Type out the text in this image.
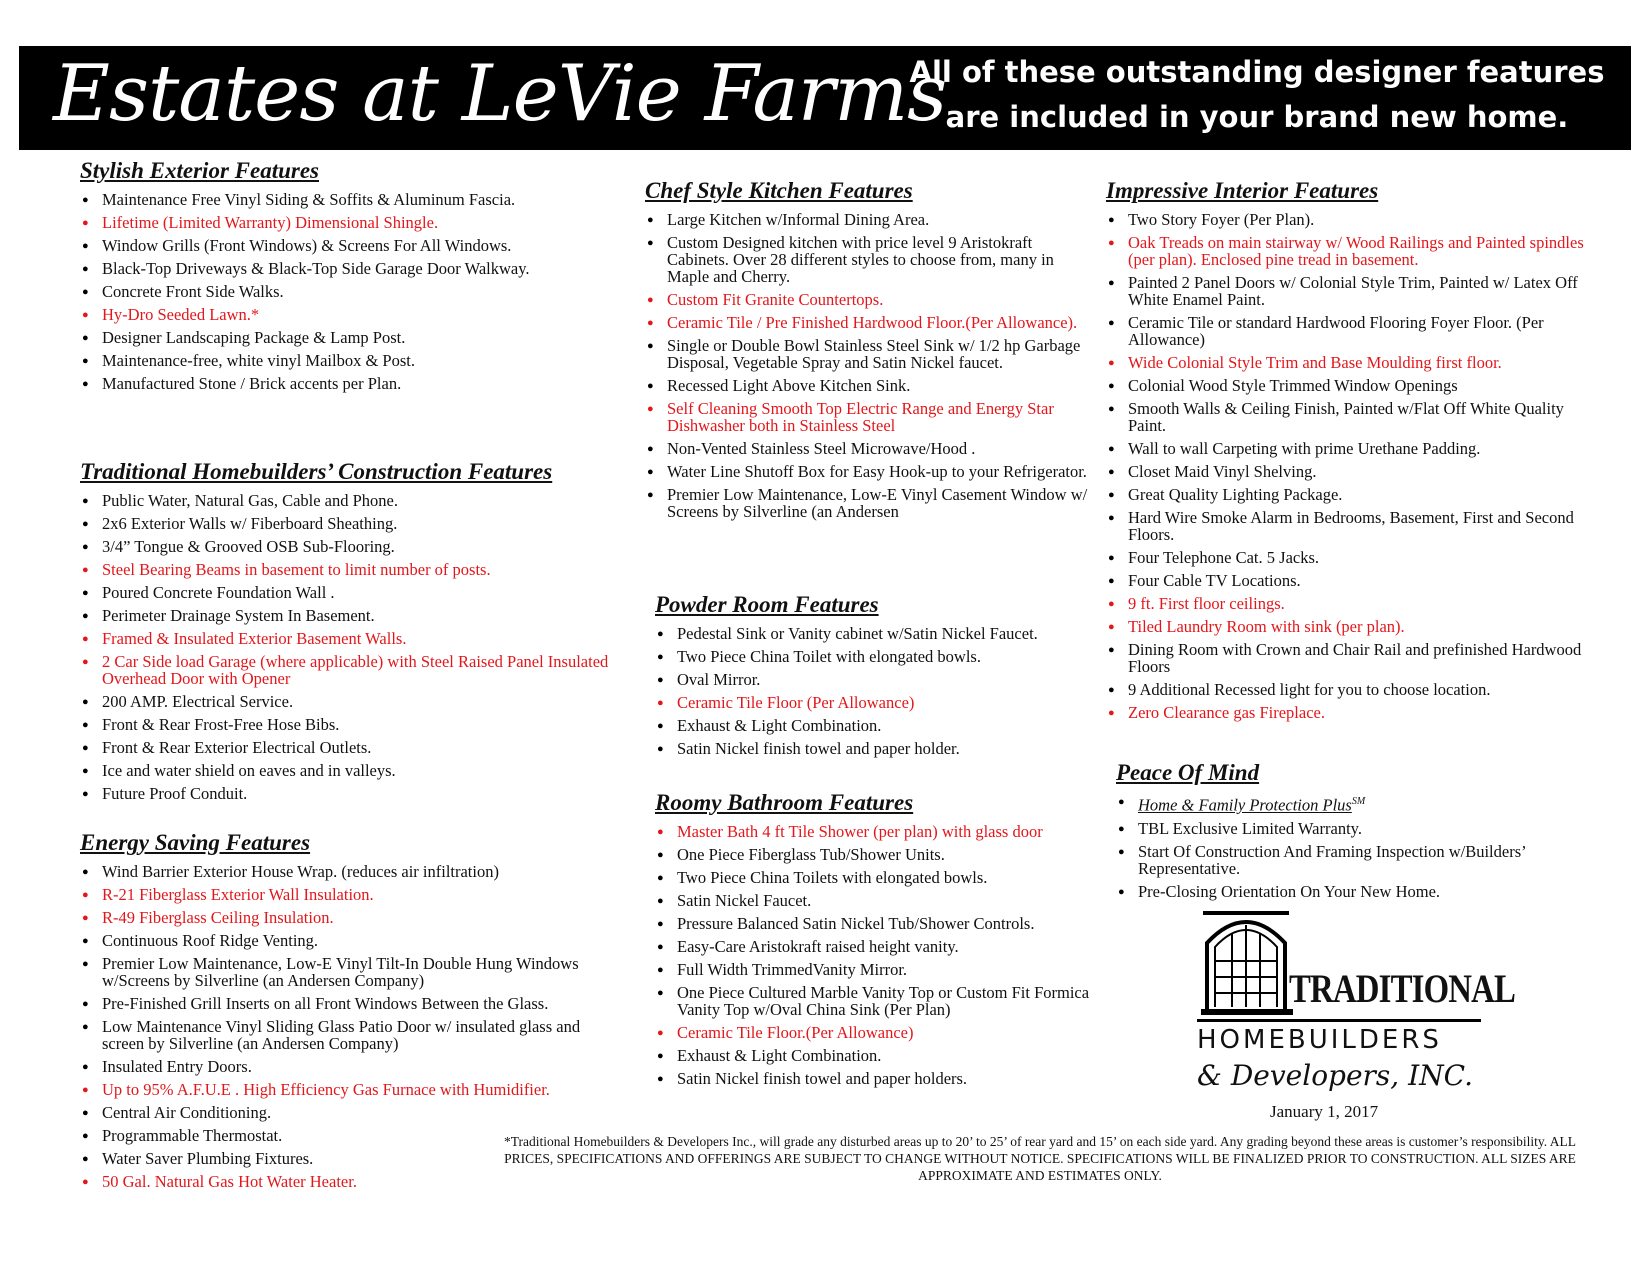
Estates at LeVie Farms
All of these outstanding designer features are included in your brand new home.
Stylish Exterior Features
● Maintenance Free Vinyl Siding & Soffits & Aluminum Fascia.
● Lifetime (Limited Warranty) Dimensional Shingle.
● Window Grills (Front Windows) & Screens For All Windows.
● Black-Top Driveways & Black-Top Side Garage Door Walkway.
● Concrete Front Side Walks.
● Hy-Dro Seeded Lawn.*
● Designer Landscaping Package & Lamp Post.
● Maintenance-free, white vinyl Mailbox & Post.
● Manufactured Stone / Brick accents per Plan.
Traditional Homebuilders’ Construction Features
● Public Water, Natural Gas, Cable and Phone.
● 2x6 Exterior Walls w/ Fiberboard Sheathing.
● 3/4” Tongue & Grooved OSB Sub-Flooring.
● Steel Bearing Beams in basement to limit number of posts.
● Poured Concrete Foundation Wall .
● Perimeter Drainage System In Basement.
● Framed & Insulated Exterior Basement Walls.
● 2 Car Side load Garage (where applicable) with Steel Raised Panel Insulated Overhead Door with Opener
● 200 AMP. Electrical Service.
● Front & Rear Frost-Free Hose Bibs.
● Front & Rear Exterior Electrical Outlets.
● Ice and water shield on eaves and in valleys.
● Future Proof Conduit.
Energy Saving Features
● Wind Barrier Exterior House Wrap. (reduces air infiltration)
● R-21 Fiberglass Exterior Wall Insulation.
● R-49 Fiberglass Ceiling Insulation.
● Continuous Roof Ridge Venting.
● Premier Low Maintenance, Low-E Vinyl Tilt-In Double Hung Windows w/Screens by Silverline (an Andersen Company)
● Pre-Finished Grill Inserts on all Front Windows Between the Glass.
● Low Maintenance Vinyl Sliding Glass Patio Door w/ insulated glass and screen by Silverline (an Andersen Company)
● Insulated Entry Doors.
● Up to 95% A.F.U.E . High Efficiency Gas Furnace with Humidifier.
● Central Air Conditioning.
● Programmable Thermostat.
● Water Saver Plumbing Fixtures.
● 50 Gal. Natural Gas Hot Water Heater.
Chef Style Kitchen Features
● Large Kitchen w/Informal Dining Area.
● Custom Designed kitchen with price level 9 Aristokraft Cabinets. Over 28 different styles to choose from, many in Maple and Cherry.
● Custom Fit Granite Countertops.
● Ceramic Tile / Pre Finished Hardwood Floor.(Per Allowance).
● Single or Double Bowl Stainless Steel Sink w/ 1/2 hp Garbage Disposal, Vegetable Spray and Satin Nickel faucet.
● Recessed Light Above Kitchen Sink.
● Self Cleaning Smooth Top Electric Range and Energy Star Dishwasher both in Stainless Steel
● Non-Vented Stainless Steel Microwave/Hood .
● Water Line Shutoff Box for Easy Hook-up to your Refrigerator.
● Premier Low Maintenance, Low-E Vinyl Casement Window w/ Screens by Silverline (an Andersen
Powder Room Features
● Pedestal Sink or Vanity cabinet w/Satin Nickel Faucet.
● Two Piece China Toilet with elongated bowls.
● Oval Mirror.
● Ceramic Tile Floor (Per Allowance)
● Exhaust & Light Combination.
● Satin Nickel finish towel and paper holder.
Roomy Bathroom Features
● Master Bath 4 ft Tile Shower (per plan) with glass door
● One Piece Fiberglass Tub/Shower Units.
● Two Piece China Toilets with elongated bowls.
● Satin Nickel Faucet.
● Pressure Balanced Satin Nickel Tub/Shower Controls.
● Easy-Care Aristokraft raised height vanity.
● Full Width TrimmedVanity Mirror.
● One Piece Cultured Marble Vanity Top or Custom Fit Formica Vanity Top w/Oval China Sink (Per Plan)
● Ceramic Tile Floor.(Per Allowance)
● Exhaust & Light Combination.
● Satin Nickel finish towel and paper holders.
Impressive Interior Features
● Two Story Foyer (Per Plan).
● Oak Treads on main stairway w/ Wood Railings and Painted spindles (per plan). Enclosed pine tread in basement.
● Painted 2 Panel Doors w/ Colonial Style Trim, Painted w/ Latex Off White Enamel Paint.
● Ceramic Tile or standard Hardwood Flooring Foyer Floor. (Per Allowance)
● Wide Colonial Style Trim and Base Moulding first floor.
● Colonial Wood Style Trimmed Window Openings
● Smooth Walls & Ceiling Finish, Painted w/Flat Off White Quality Paint.
● Wall to wall Carpeting with prime Urethane Padding.
● Closet Maid Vinyl Shelving.
● Great Quality Lighting Package.
● Hard Wire Smoke Alarm in Bedrooms, Basement, First and Second Floors.
● Four Telephone Cat. 5 Jacks.
● Four Cable TV Locations.
● 9 ft. First floor ceilings.
● Tiled Laundry Room with sink (per plan).
● Dining Room with Crown and Chair Rail and prefinished Hardwood Floors
● 9 Additional Recessed light for you to choose location.
● Zero Clearance gas Fireplace.
Peace Of Mind
● Home & Family Protection Plus℠
● TBL Exclusive Limited Warranty.
● Start Of Construction And Framing Inspection w/Builders’ Representative.
● Pre-Closing Orientation On Your New Home.
TRADITIONAL
HOMEBUILDERS
& Developers, INC.
January 1, 2017
*Traditional Homebuilders & Developers Inc., will grade any disturbed areas up to 20’ to 25’ of rear yard and 15’ on each side yard. Any grading beyond these areas is customer’s responsibility. ALL PRICES, SPECIFICATIONS AND OFFERINGS ARE SUBJECT TO CHANGE WITHOUT NOTICE. SPECIFICATIONS WILL BE FINALIZED PRIOR TO CONSTRUCTION. ALL SIZES ARE APPROXIMATE AND ESTIMATES ONLY.
